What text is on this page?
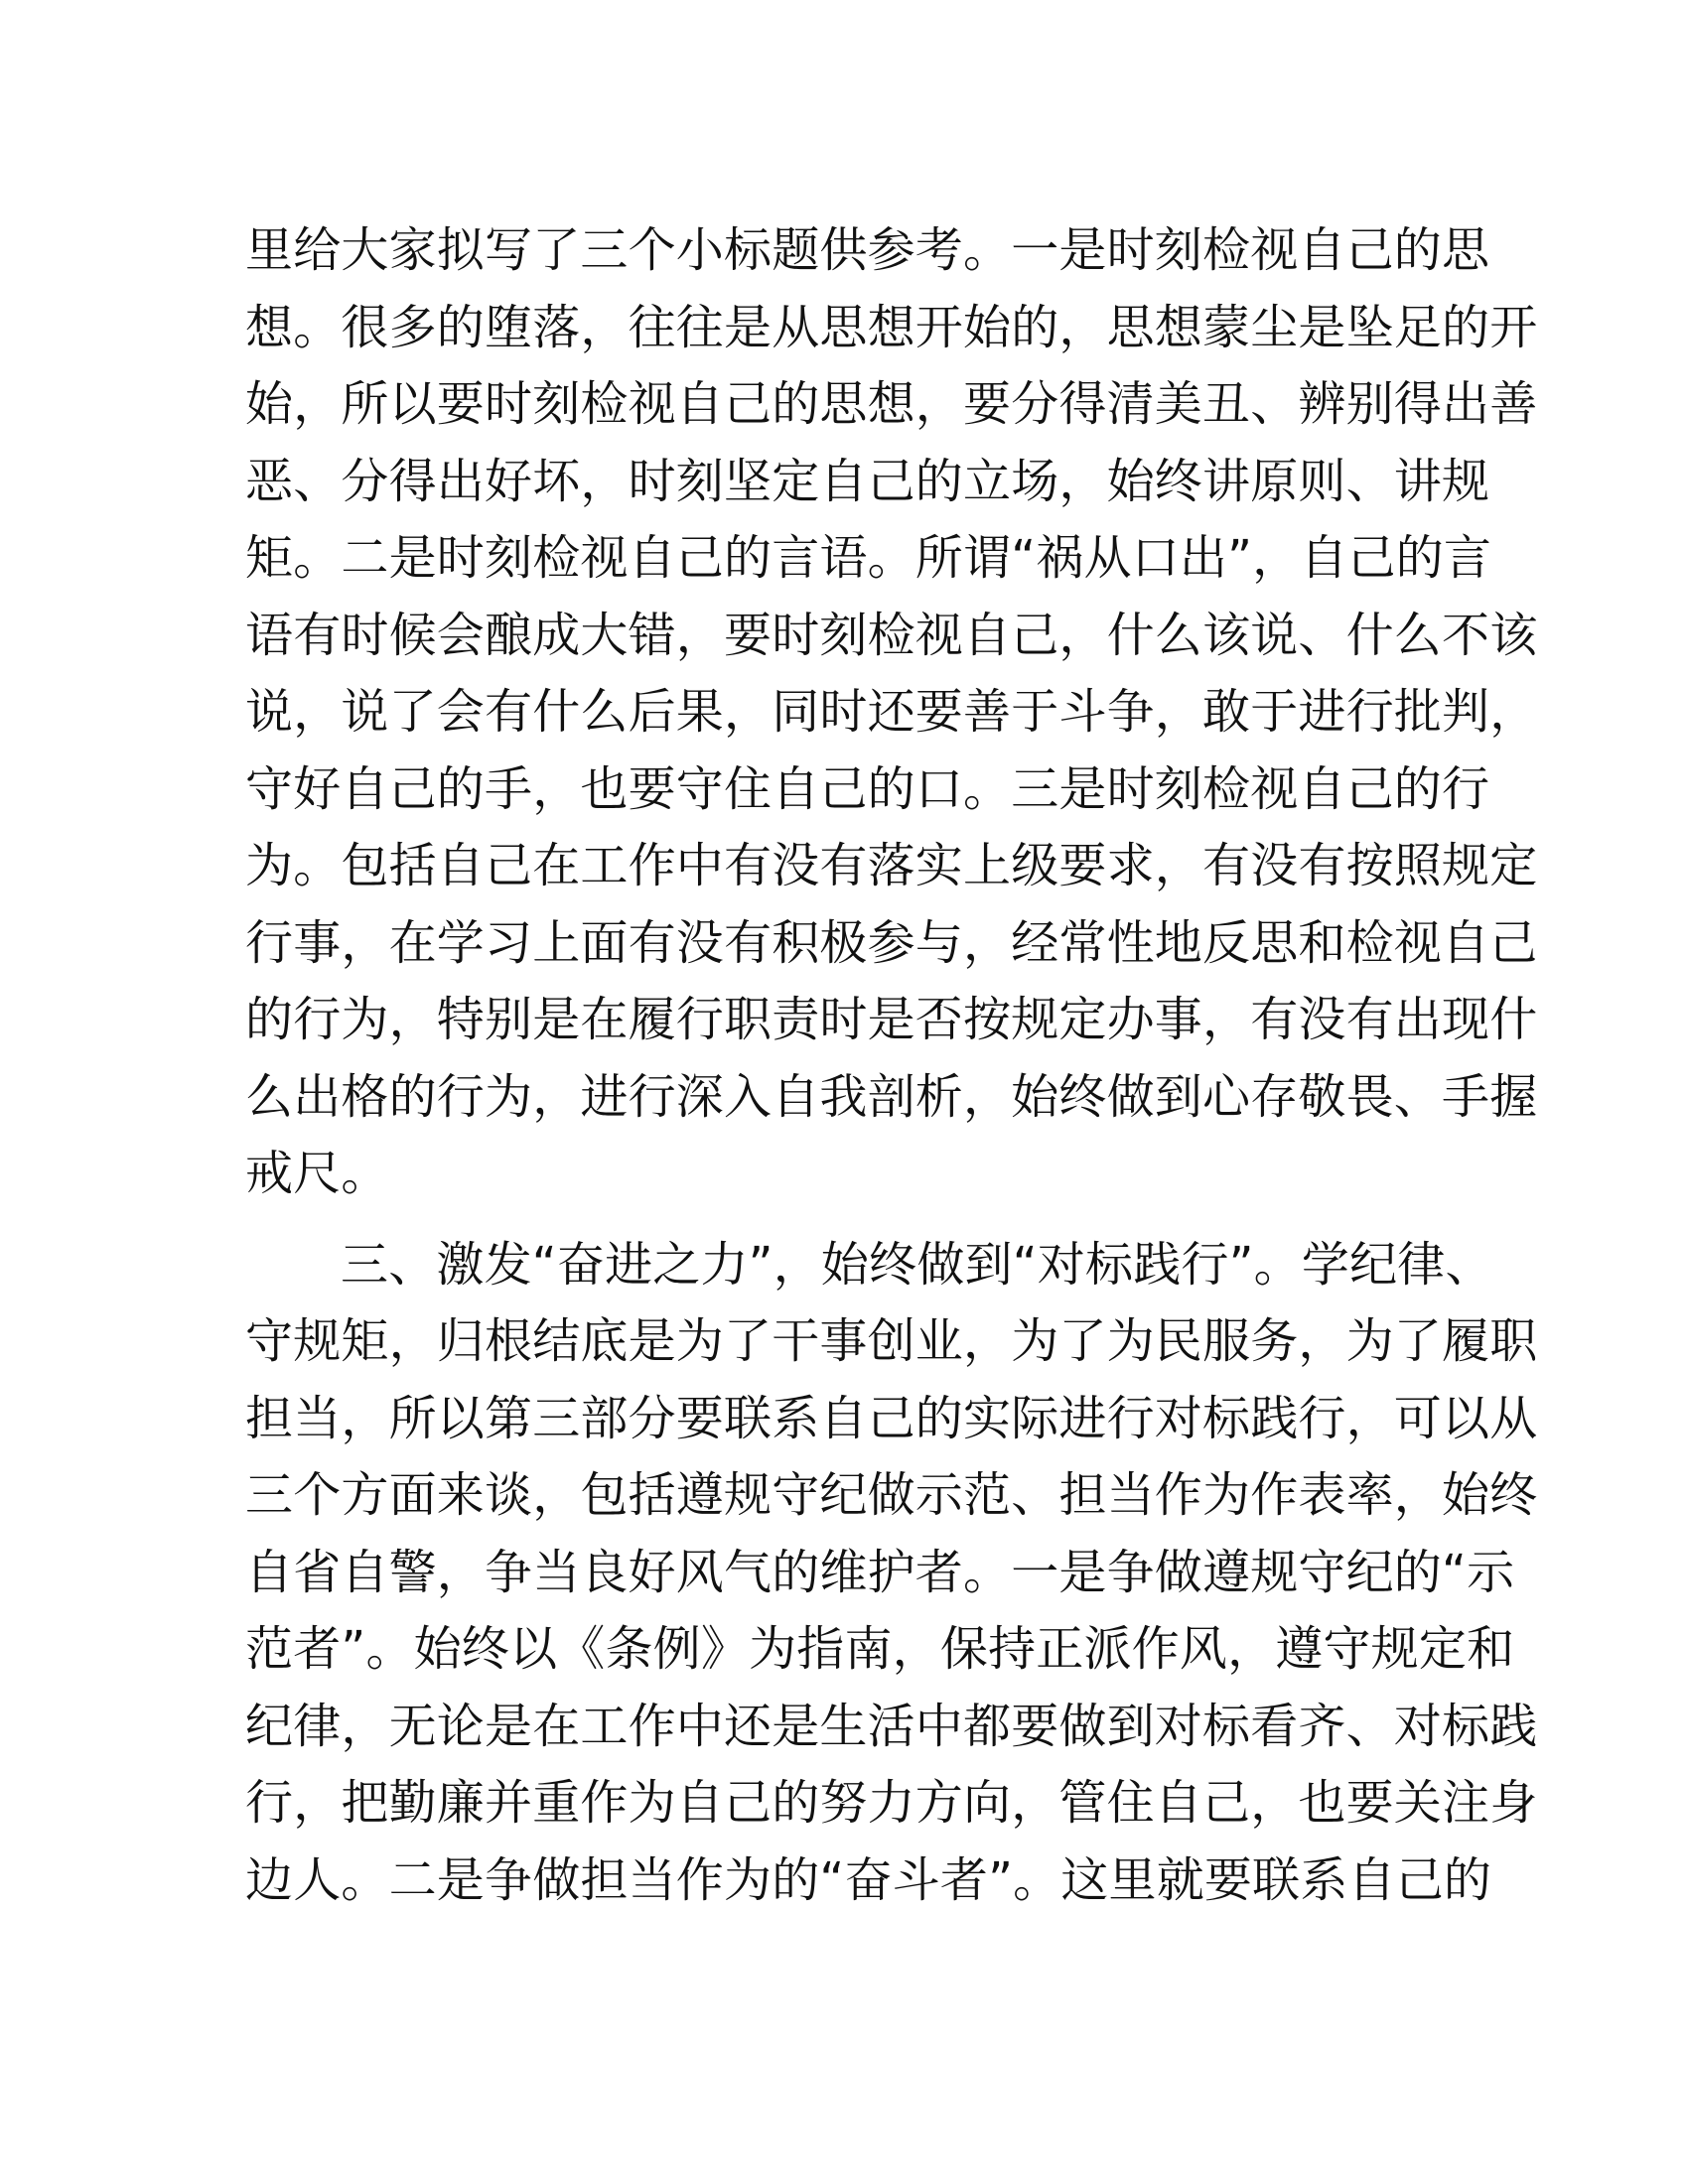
里给大家拟写了三个小标题供参考。一是时刻检视自己的思
想。很多的堕落，往往是从思想开始的，思想蒙尘是坠足的开
始，所以要时刻检视自己的思想，要分得清美丑、辨别得出善
恶、分得出好坏，时刻坚定自己的立场，始终讲原则、讲规
矩。二是时刻检视自己的言语。所谓“祸从口出”，自己的言
语有时候会酿成大错，要时刻检视自己，什么该说、什么不该
说，说了会有什么后果，同时还要善于斗争，敢于进行批判，
守好自己的手，也要守住自己的口。三是时刻检视自己的行
为。包括自己在工作中有没有落实上级要求，有没有按照规定
行事，在学习上面有没有积极参与，经常性地反思和检视自己
的行为，特别是在履行职责时是否按规定办事，有没有出现什
么出格的行为，进行深入自我剖析，始终做到心存敬畏、手握
戒尺。

三、激发“奋进之力”，始终做到“对标践行”。学纪律、
守规矩，归根结底是为了干事创业，为了为民服务，为了履职
担当，所以第三部分要联系自己的实际进行对标践行，可以从
三个方面来谈，包括遵规守纪做示范、担当作为作表率，始终
自省自警，争当良好风气的维护者。一是争做遵规守纪的“示
范者”。始终以《条例》为指南，保持正派作风，遵守规定和
纪律，无论是在工作中还是生活中都要做到对标看齐、对标践
行，把勤廉并重作为自己的努力方向，管住自己，也要关注身
边人。二是争做担当作为的“奋斗者”。这里就要联系自己的
